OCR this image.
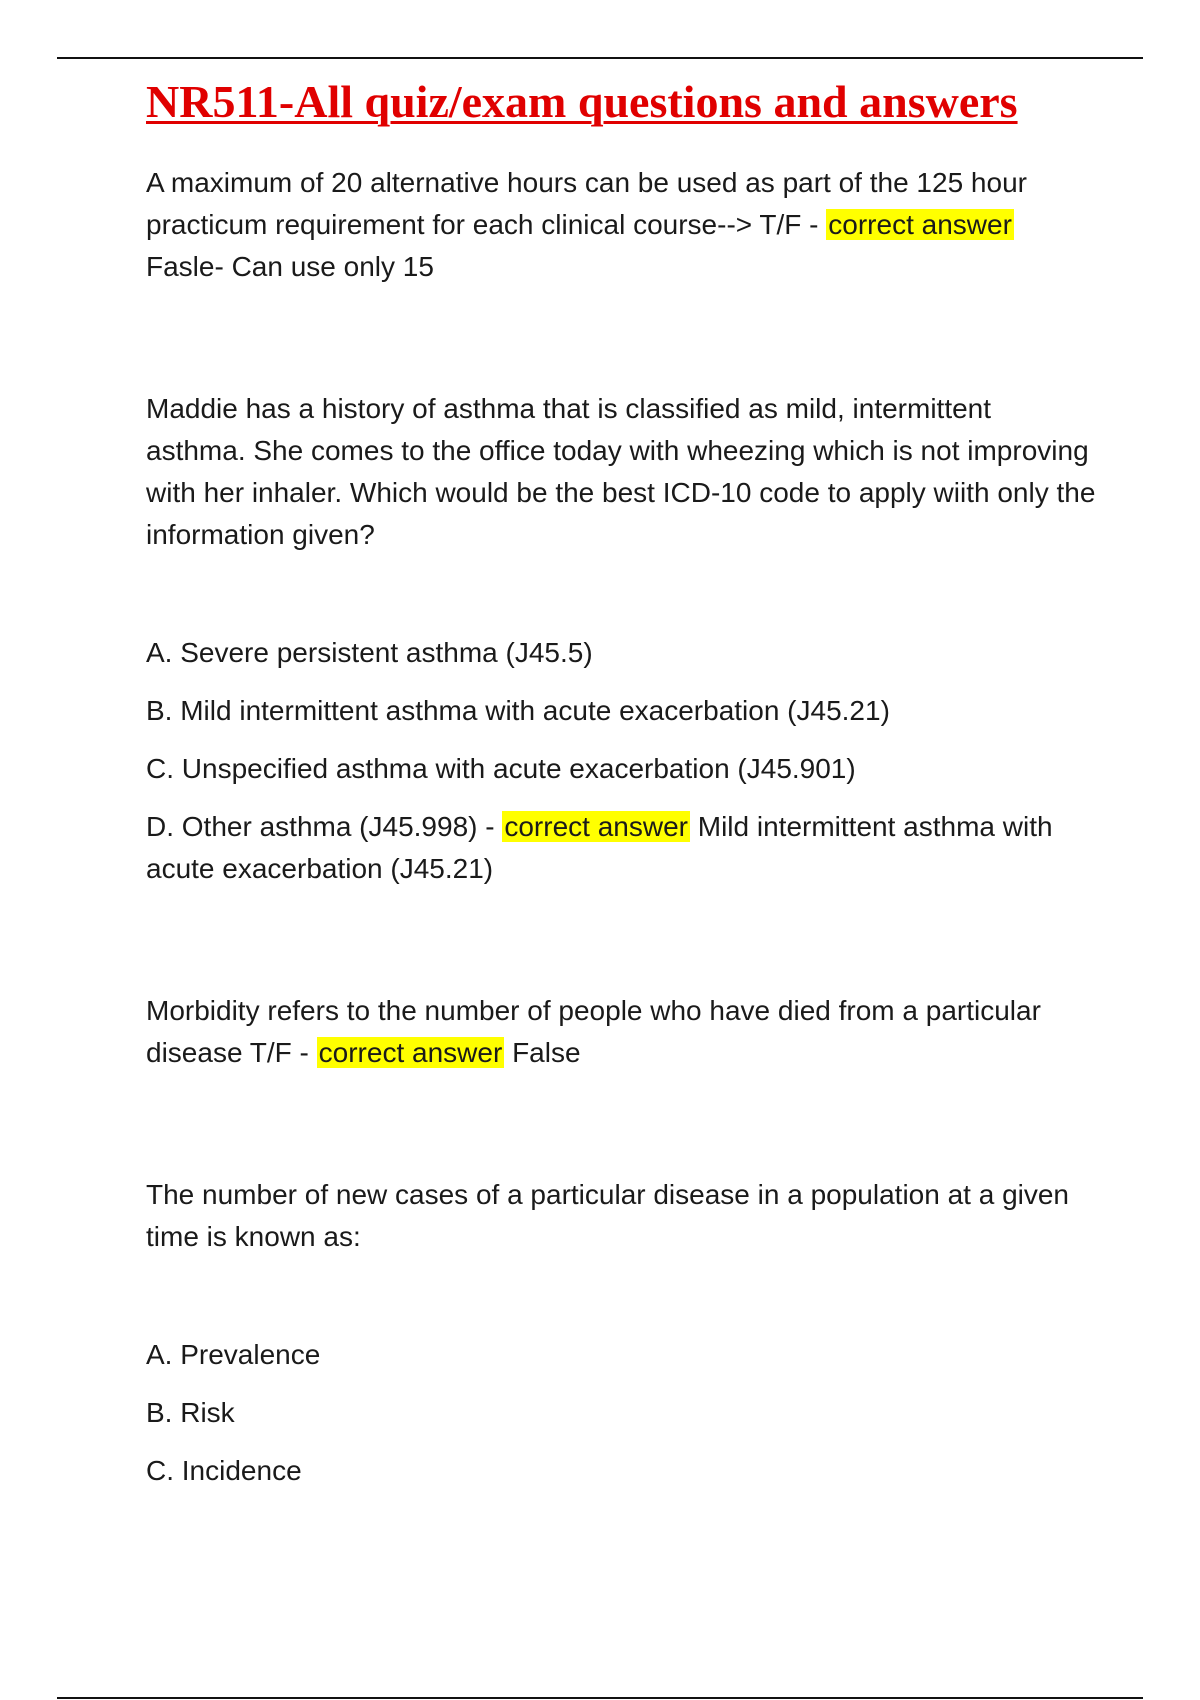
NR511-All quiz/exam questions and answers

A maximum of 20 alternative hours can be used as part of the 125 hour
practicum requirement for each clinical course--> T/F - correct answer
Fasle- Can use only 15

Maddie has a history of asthma that is classified as mild, intermittent asthma. She comes to the office today with wheezing which is not improving with her inhaler. Which would be the best ICD-10 code to apply wiith only the information given?

A. Severe persistent asthma (J45.5)

B. Mild intermittent asthma with acute exacerbation (J45.21)

C. Unspecified asthma with acute exacerbation (J45.901)

D. Other asthma (J45.998) - correct answer Mild intermittent asthma with acute exacerbation (J45.21)

Morbidity refers to the number of people who have died from a particular disease T/F - correct answer False

The number of new cases of a particular disease in a population at a given time is known as:

A. Prevalence

B. Risk

C. Incidence
